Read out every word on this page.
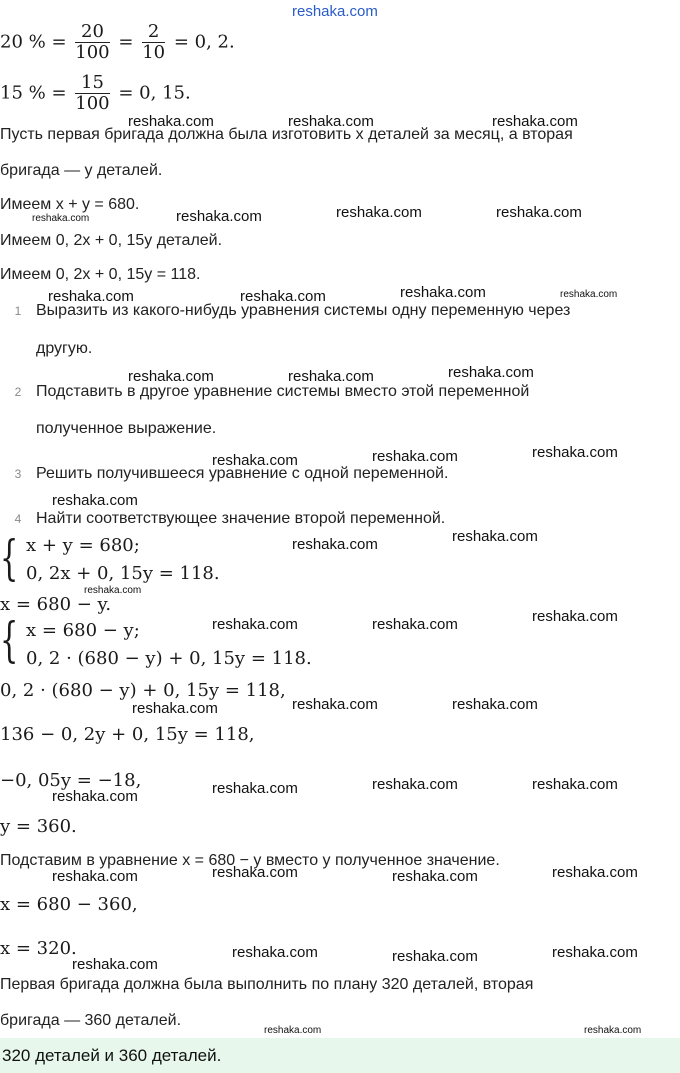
reshaka.com
20 % = $\frac{20}{100} = \frac{2}{10} = 0$, 2.
15 % = $\frac{15}{100} = 0$, 15.
reshaka.com	reshaka.com	reshaka.com
Пусть первая бригада должна была изготовить x деталей за месяц, а вторая
бригада — y деталей.
Имеем x + y = 680.
reshaka.com	reshaka.com	reshaka.com	reshaka.com
Имеем 0, 2x + 0, 15y деталей.
Имеем 0, 2x + 0, 15y = 118.
reshaka.com	reshaka.com	reshaka.com	reshaka.com
1 Выразить из какого-нибудь уравнения системы одну переменную через
другую.
reshaka.com	reshaka.com	reshaka.com
2 Подставить в другое уравнение системы вместо этой переменной
полученное выражение.
reshaka.com	reshaka.com	reshaka.com
3 Решить получившееся уравнение с одной переменной.
reshaka.com
4 Найти соответствующее значение второй переменной.
{ x + y = 680;
0, 2x + 0, 15y = 118.
reshaka.com	reshaka.com
x = 680 − y.
reshaka.com
{ x = 680 − y;
0, 2 · (680 − y) + 0, 15y = 118.
reshaka.com	reshaka.com	reshaka.com
0, 2 · (680 − y) + 0, 15y = 118,
reshaka.com	reshaka.com	reshaka.com
136 − 0, 2y + 0, 15y = 118,
−0, 05y = −18,
reshaka.com	reshaka.com	reshaka.com	reshaka.com
y = 360.
Подставим в уравнение x = 680 − y вместо y полученное значение.
reshaka.com	reshaka.com	reshaka.com	reshaka.com
x = 680 − 360,
x = 320.	reshaka.com	reshaka.com	reshaka.com
reshaka.com
Первая бригада должна была выполнить по плану 320 деталей, вторая
бригада — 360 деталей.
reshaka.com	reshaka.com
320 деталей и 360 деталей.
